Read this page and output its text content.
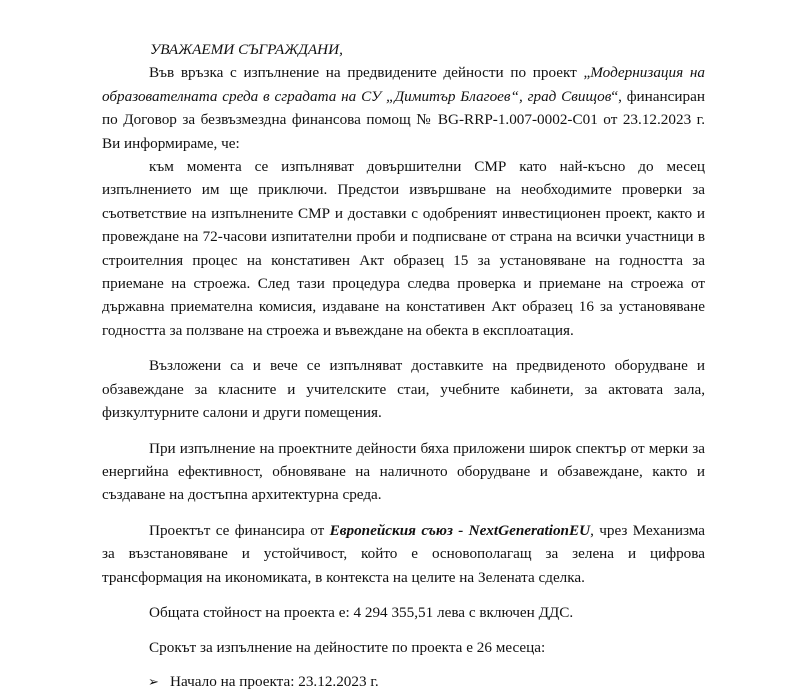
УВАЖАЕМИ СЪГРАЖДАНИ,

Във връзка с изпълнение на предвидените дейности по проект „Модернизация на образователната среда в сградата на СУ „Димитър Благоев“, град Свищов“, финансиран по Договор за безвъзмездна финансова помощ № BG-RRP-1.007-0002-C01 от 23.12.2023 г. Ви информираме, че:

към момента се изпълняват довършителни СМР като най-късно до месец изпълнението им ще приключи. Предстои извършване на необходимите проверки за съответствие на изпълнените СМР и доставки с одобреният инвестиционен проект, както и провеждане на 72-часови изпитателни проби и подписване от страна на всички участници в строителния процес на констативен Акт образец 15 за установяване на годността за приемане на строежа. След тази процедура следва проверка и приемане на строежа от държавна приемателна комисия, издаване на констативен Акт образец 16 за установяване годността за ползване на строежа и въвеждане на обекта в експлоатация.

Възложени са и вече се изпълняват доставките на предвиденото оборудване и обзавеждане за класните и учителските стаи, учебните кабинети, за актовата зала, физкултурните салони и други помещения.

При изпълнение на проектните дейности бяха приложени широк спектър от мерки за енергийна ефективност, обновяване на наличното оборудване и обзавеждане, както и създаване на достъпна архитектурна среда.

Проектът се финансира от Европейския съюз - NextGenerationEU, чрез Механизма за възстановяване и устойчивост, който е основополагащ за зелена и цифрова трансформация на икономиката, в контекста на целите на Зелената сделка.

Общата стойност на проекта е: 4 294 355,51 лева с включен ДДС.

Срокът за изпълнение на дейностите по проекта е 26 месеца:

➢ Начало на проекта: 23.12.2023 г.
